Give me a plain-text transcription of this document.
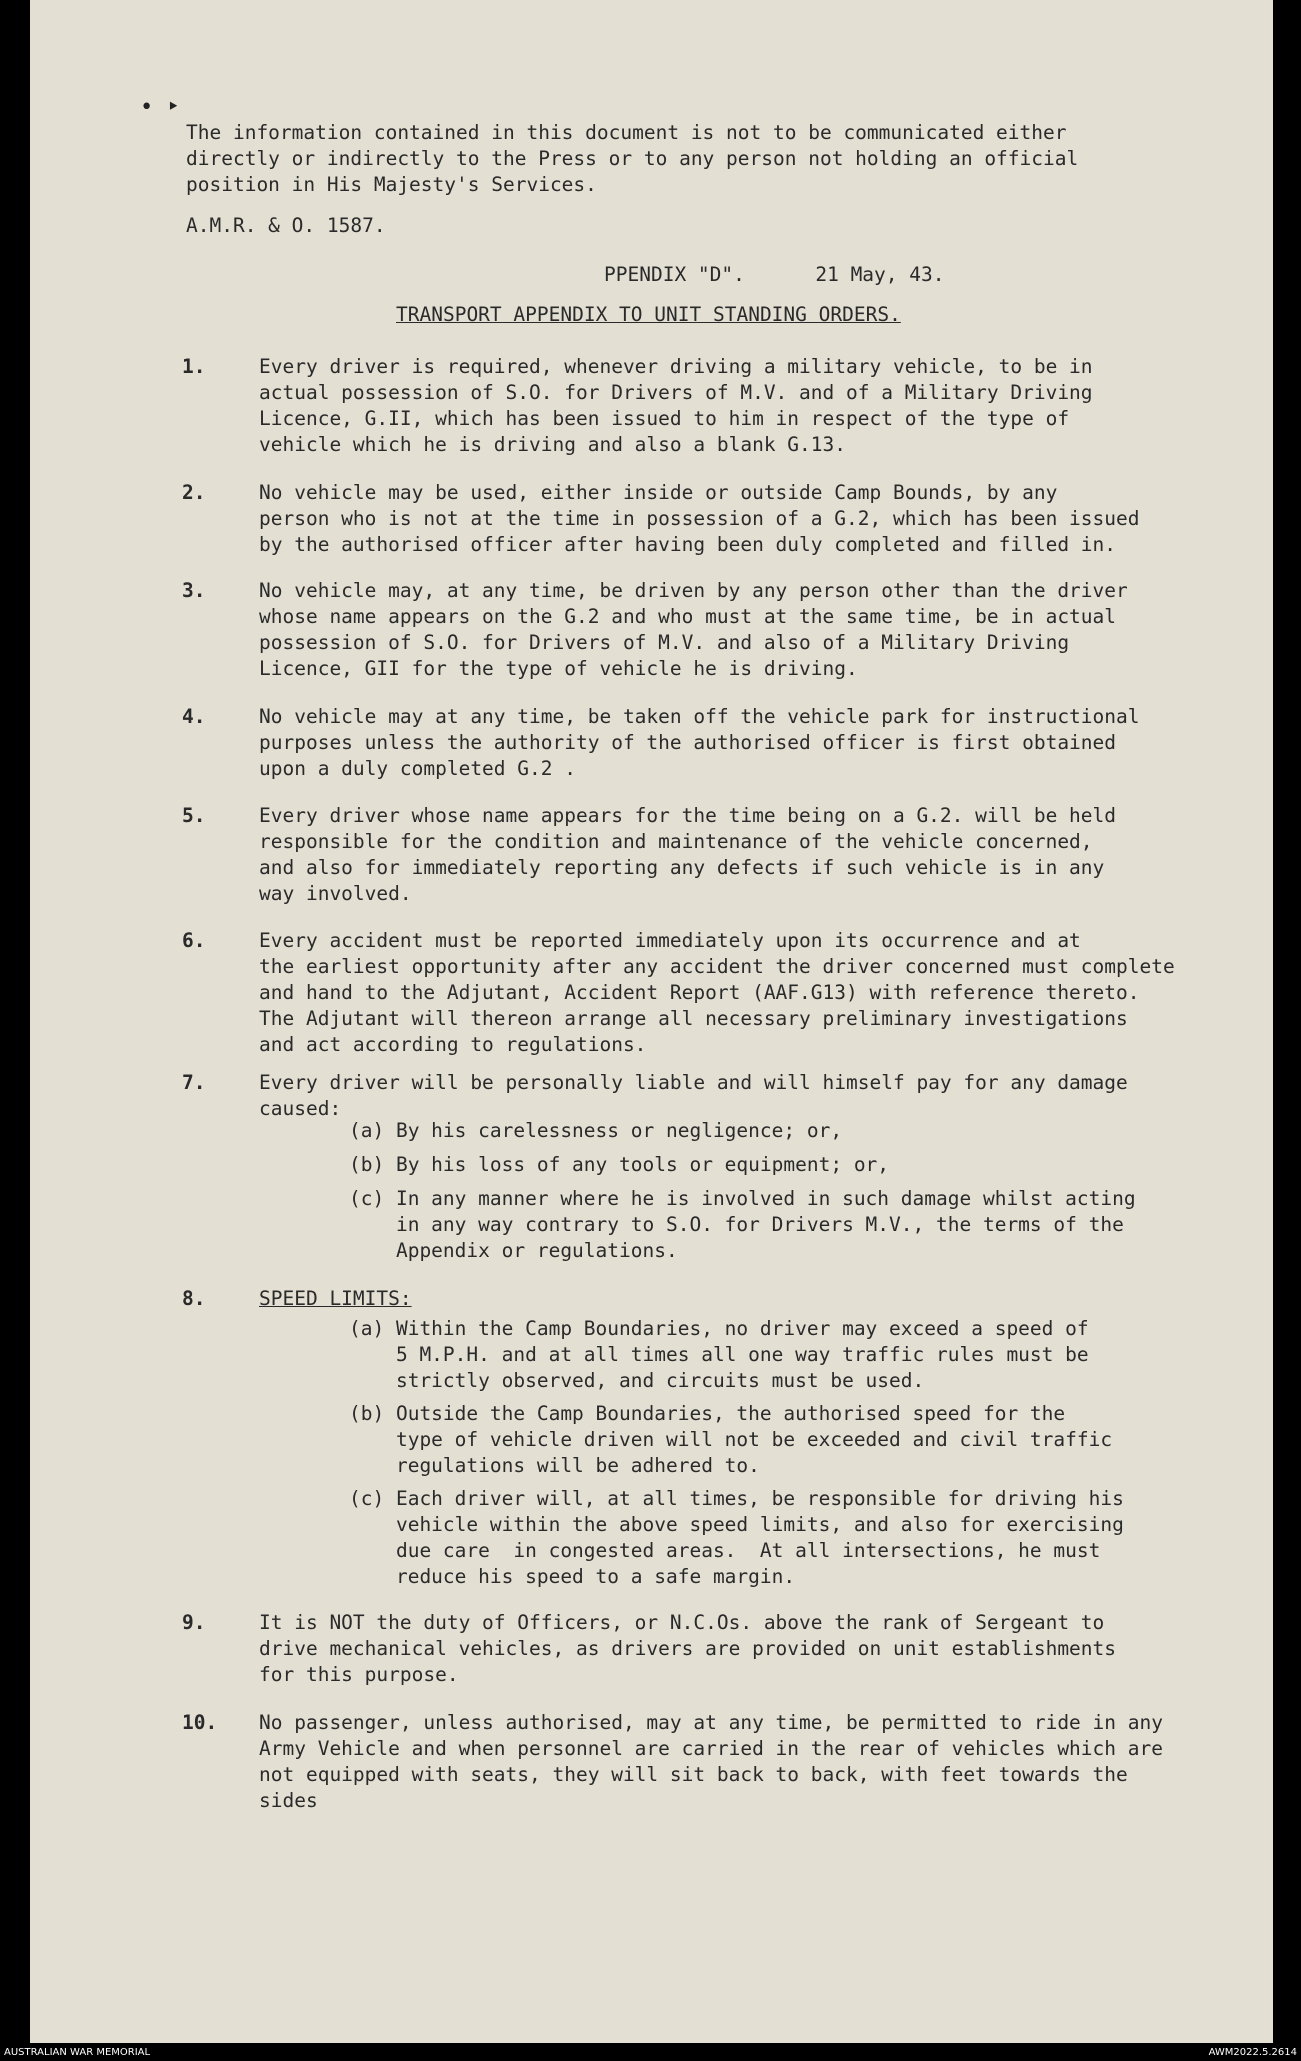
• ‣
The information contained in this document is not to be communicated either
directly or indirectly to the Press or to any person not holding an official
position in His Majesty's Services.
A.M.R. & O. 1587.
PPENDIX "D".	21 May, 43.
TRANSPORT APPENDIX TO UNIT STANDING ORDERS.
1.	Every driver is required, whenever driving a military vehicle, to be in
actual possession of S.O. for Drivers of M.V. and of a Military Driving
Licence, G.II, which has been issued to him in respect of the type of
vehicle which he is driving and also a blank G.13.
2.	No vehicle may be used, either inside or outside Camp Bounds, by any
person who is not at the time in possession of a G.2, which has been issued
by the authorised officer after having been duly completed and filled in.
3.	No vehicle may, at any time, be driven by any person other than the driver
whose name appears on the G.2 and who must at the same time, be in actual
possession of S.O. for Drivers of M.V. and also of a Military Driving
Licence, GII for the type of vehicle he is driving.
4.	No vehicle may at any time, be taken off the vehicle park for instructional
purposes unless the authority of the authorised officer is first obtained
upon a duly completed G.2 .
5.	Every driver whose name appears for the time being on a G.2. will be held
responsible for the condition and maintenance of the vehicle concerned,
and also for immediately reporting any defects if such vehicle is in any
way involved.
6.	Every accident must be reported immediately upon its occurrence and at
the earliest opportunity after any accident the driver concerned must complete
and hand to the Adjutant, Accident Report (AAF.G13) with reference thereto.
The Adjutant will thereon arrange all necessary preliminary investigations
and act according to regulations.
7.	Every driver will be personally liable and will himself pay for any damage
caused:
(a) By his carelessness or negligence; or,
(b) By his loss of any tools or equipment; or,
(c) In any manner where he is involved in such damage whilst acting
in any way contrary to S.O. for Drivers M.V., the terms of the
Appendix or regulations.
8.	SPEED LIMITS:
(a) Within the Camp Boundaries, no driver may exceed a speed of
5 M.P.H. and at all times all one way traffic rules must be
strictly observed, and circuits must be used.
(b) Outside the Camp Boundaries, the authorised speed for the
type of vehicle driven will not be exceeded and civil traffic
regulations will be adhered to.
(c) Each driver will, at all times, be responsible for driving his
vehicle within the above speed limits, and also for exercising
due care  in congested areas.  At all intersections, he must
reduce his speed to a safe margin.
9.	It is NOT the duty of Officers, or N.C.Os. above the rank of Sergeant to
drive mechanical vehicles, as drivers are provided on unit establishments
for this purpose.
10. No passenger, unless authorised, may at any time, be permitted to ride in any
Army Vehicle and when personnel are carried in the rear of vehicles which are
not equipped with seats, they will sit back to back, with feet towards the
sides
AUSTRALIAN WAR MEMORIAL	AWM2022.5.2614
